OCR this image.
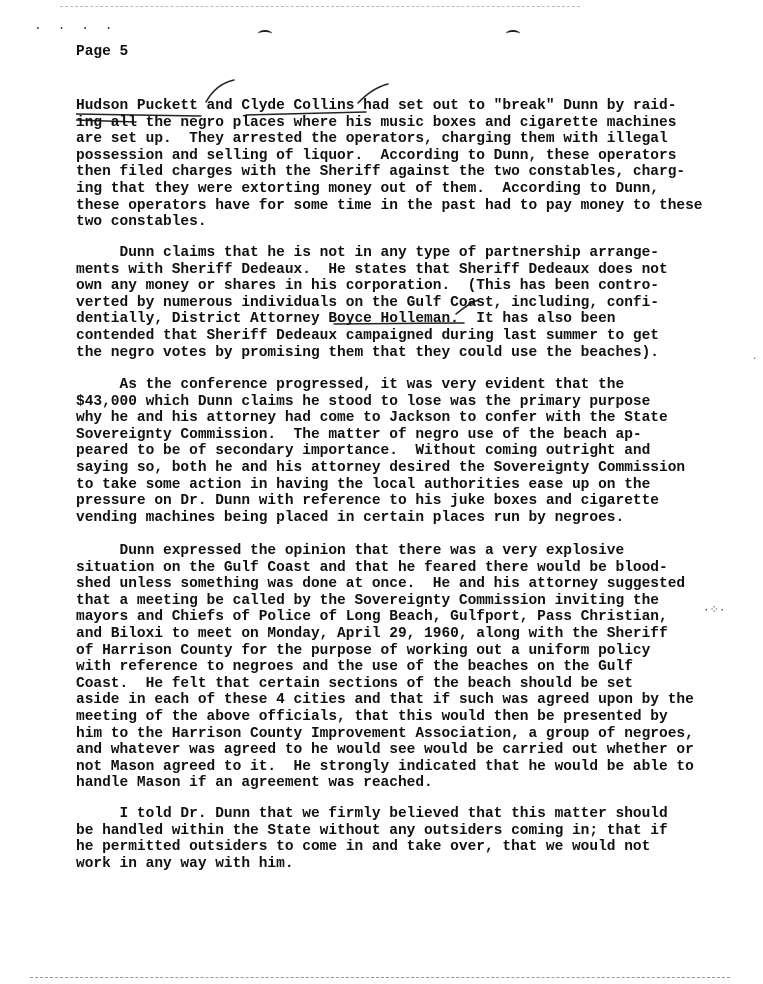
. . . .
Page 5

Hudson Puckett and Clyde Collins had set out to "break" Dunn by raid-
ing all the negro places where his music boxes and cigarette machines
are set up.  They arrested the operators, charging them with illegal
possession and selling of liquor.  According to Dunn, these operators
then filed charges with the Sheriff against the two constables, charg-
ing that they were extorting money out of them.  According to Dunn,
these operators have for some time in the past had to pay money to these
two constables.

Dunn claims that he is not in any type of partnership arrange-
ments with Sheriff Dedeaux.  He states that Sheriff Dedeaux does not
own any money or shares in his corporation.  (This has been contro-
verted by numerous individuals on the Gulf Coast, including, confi-
dentially, District Attorney Boyce Holleman.  It has also been
contended that Sheriff Dedeaux campaigned during last summer to get
the negro votes by promising them that they could use the beaches).

As the conference progressed, it was very evident that the
$43,000 which Dunn claims he stood to lose was the primary purpose
why he and his attorney had come to Jackson to confer with the State
Sovereignty Commission.  The matter of negro use of the beach ap-
peared to be of secondary importance.  Without coming outright and
saying so, both he and his attorney desired the Sovereignty Commission
to take some action in having the local authorities ease up on the
pressure on Dr. Dunn with reference to his juke boxes and cigarette
vending machines being placed in certain places run by negroes.

Dunn expressed the opinion that there was a very explosive
situation on the Gulf Coast and that he feared there would be blood-
shed unless something was done at once.  He and his attorney suggested
that a meeting be called by the Sovereignty Commission inviting the
mayors and Chiefs of Police of Long Beach, Gulfport, Pass Christian,
and Biloxi to meet on Monday, April 29, 1960, along with the Sheriff
of Harrison County for the purpose of working out a uniform policy
with reference to negroes and the use of the beaches on the Gulf
Coast.  He felt that certain sections of the beach should be set
aside in each of these 4 cities and that if such was agreed upon by the
meeting of the above officials, that this would then be presented by
him to the Harrison County Improvement Association, a group of negroes,
and whatever was agreed to he would see would be carried out whether or
not Mason agreed to it.  He strongly indicated that he would be able to
handle Mason if an agreement was reached.

I told Dr. Dunn that we firmly believed that this matter should
be handled within the State without any outsiders coming in; that if
he permitted outsiders to come in and take over, that we would not
work in any way with him.

·⁘·
·
